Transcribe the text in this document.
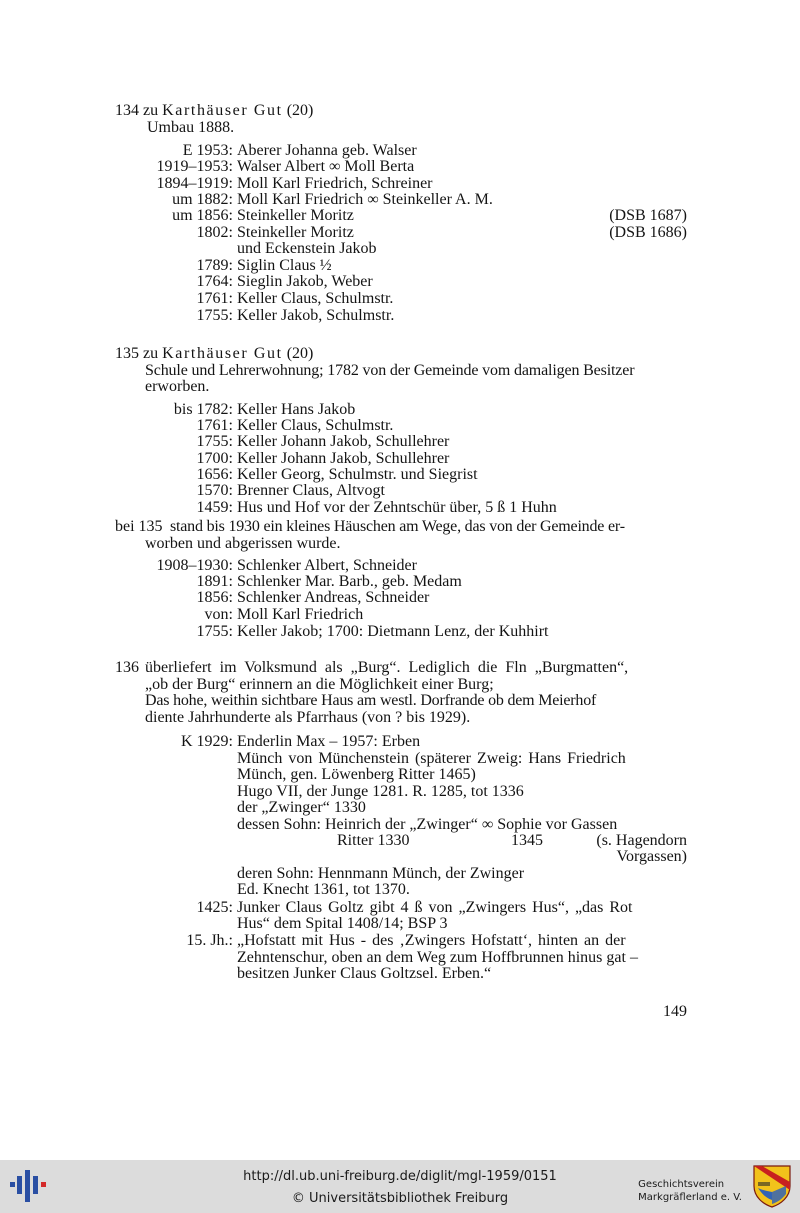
134 zu Karthäuser Gut (20)
Umbau 1888.
E 1953: Aberer Johanna geb. Walser
1919–1953: Walser Albert ∞ Moll Berta
1894–1919: Moll Karl Friedrich, Schreiner
um 1882: Moll Karl Friedrich ∞ Steinkeller A. M.
um 1856: Steinkeller Moritz	(DSB 1687)
1802: Steinkeller Moritz	(DSB 1686)
und Eckenstein Jakob
1789: Siglin Claus ½
1764: Sieglin Jakob, Weber
1761: Keller Claus, Schulmstr.
1755: Keller Jakob, Schulmstr.
135 zu Karthäuser Gut (20)
Schule und Lehrerwohnung; 1782 von der Gemeinde vom damaligen Besitzer
erworben.
bis 1782: Keller Hans Jakob
1761: Keller Claus, Schulmstr.
1755: Keller Johann Jakob, Schullehrer
1700: Keller Johann Jakob, Schullehrer
1656: Keller Georg, Schulmstr. und Siegrist
1570: Brenner Claus, Altvogt
1459: Hus und Hof vor der Zehntschür über, 5 ß 1 Huhn
bei 135 stand bis 1930 ein kleines Häuschen am Wege, das von der Gemeinde er-
worben und abgerissen wurde.
1908–1930: Schlenker Albert, Schneider
1891: Schlenker Mar. Barb., geb. Medam
1856: Schlenker Andreas, Schneider
von: Moll Karl Friedrich
1755: Keller Jakob; 1700: Dietmann Lenz, der Kuhhirt
136 überliefert im Volksmund als „Burg“. Lediglich die Fln „Burgmatten“,
„ob der Burg“ erinnern an die Möglichkeit einer Burg;
Das hohe, weithin sichtbare Haus am westl. Dorfrande ob dem Meierhof
diente Jahrhunderte als Pfarrhaus (von ? bis 1929).
K 1929: Enderlin Max – 1957: Erben
Münch von Münchenstein (späterer Zweig: Hans Friedrich
Münch, gen. Löwenberg Ritter 1465)
Hugo VII, der Junge 1281. R. 1285, tot 1336
der „Zwinger“ 1330
dessen Sohn: Heinrich der „Zwinger“ ∞ Sophie vor Gassen
Ritter 1330	1345	(s. Hagendorn
Vorgassen)
deren Sohn: Hennmann Münch, der Zwinger
Ed. Knecht 1361, tot 1370.
1425: Junker Claus Goltz gibt 4 ß von „Zwingers Hus“, „das Rot
Hus“ dem Spital 1408/14; BSP 3
15. Jh.: „Hofstatt mit Hus - des ‚Zwingers Hofstatt‘, hinten an der
Zehntenschur, oben an dem Weg zum Hoffbrunnen hinus gat –
besitzen Junker Claus Goltzsel. Erben.“
149
http://dl.ub.uni-freiburg.de/diglit/mgl-1959/0151
© Universitätsbibliothek Freiburg
Geschichtsverein
Markgräflerland e. V.
